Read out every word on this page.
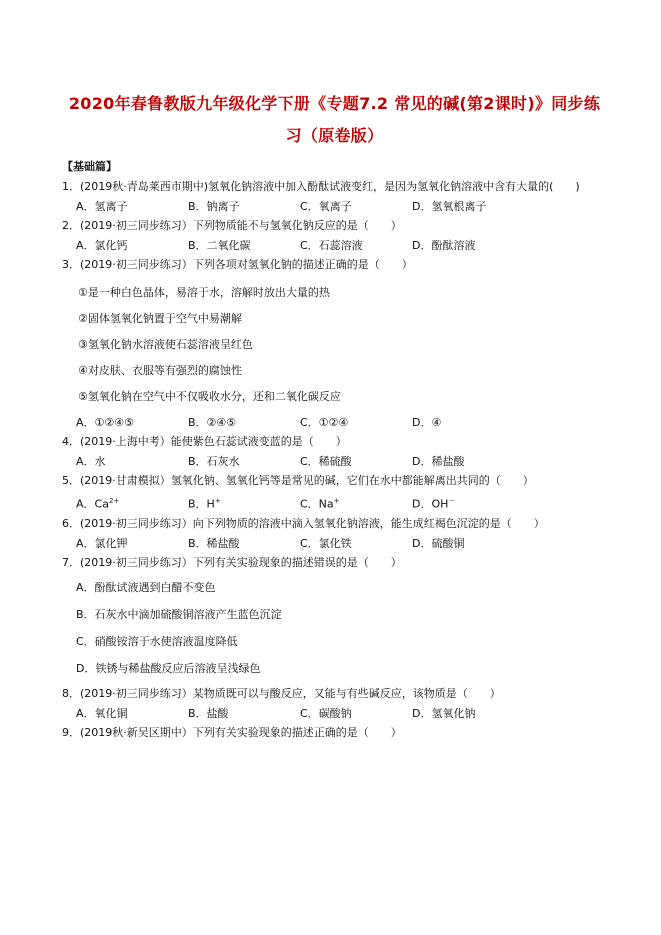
2020年春鲁教版九年级化学下册《专题7.2 常见的碱(第2课时)》同步练习（原卷版）
【基础篇】
1．(2019秋·青岛莱西市期中)氢氧化钠溶液中加入酚酞试液变红，是因为氢氧化钠溶液中含有大量的(　　)
A．氢离子	B．钠离子	C．氧离子	D．氢氧根离子
2．(2019·初三同步练习）下列物质能不与氢氧化钠反应的是（　　）
A．氯化钙	B．二氧化碳	C．石蕊溶液	D．酚酞溶液
3．(2019·初三同步练习）下列各项对氢氧化钠的描述正确的是（　　）
①是一种白色晶体，易溶于水，溶解时放出大量的热
②固体氢氧化钠置于空气中易潮解
③氢氧化钠水溶液使石蕊溶液呈红色
④对皮肤、衣服等有强烈的腐蚀性
⑤氢氧化钠在空气中不仅吸收水分，还和二氧化碳反应
A．①②④⑤	B．②④⑤	C．①②④	D．④
4．(2019·上海中考）能使紫色石蕊试液变蓝的是（　　）
A．水	B．石灰水	C．稀硫酸	D．稀盐酸
5．(2019·甘肃模拟）氢氧化钠、氢氧化钙等是常见的碱，它们在水中都能解离出共同的（　　）
A．$Ca^{2+}$	B．H+	C．Na+	D．OH－
6．(2019·初三同步练习）向下列物质的溶液中滴入氢氧化钠溶液，能生成红褐色沉淀的是（　　）
A．氯化钾	B．稀盐酸	C．氯化铁	D．硫酸铜
7．(2019·初三同步练习）下列有关实验现象的描述错误的是（　　）
A．酚酞试液遇到白醋不变色
B．石灰水中滴加硫酸铜溶液产生蓝色沉淀
C．硝酸铵溶于水使溶液温度降低
D．铁锈与稀盐酸反应后溶液呈浅绿色
8．(2019·初三同步练习）某物质既可以与酸反应，又能与有些碱反应，该物质是（　　）
A．氧化铜	B．盐酸	C．碳酸钠	D．氢氧化钠
9．(2019秋·新吴区期中）下列有关实验现象的描述正确的是（　　）
